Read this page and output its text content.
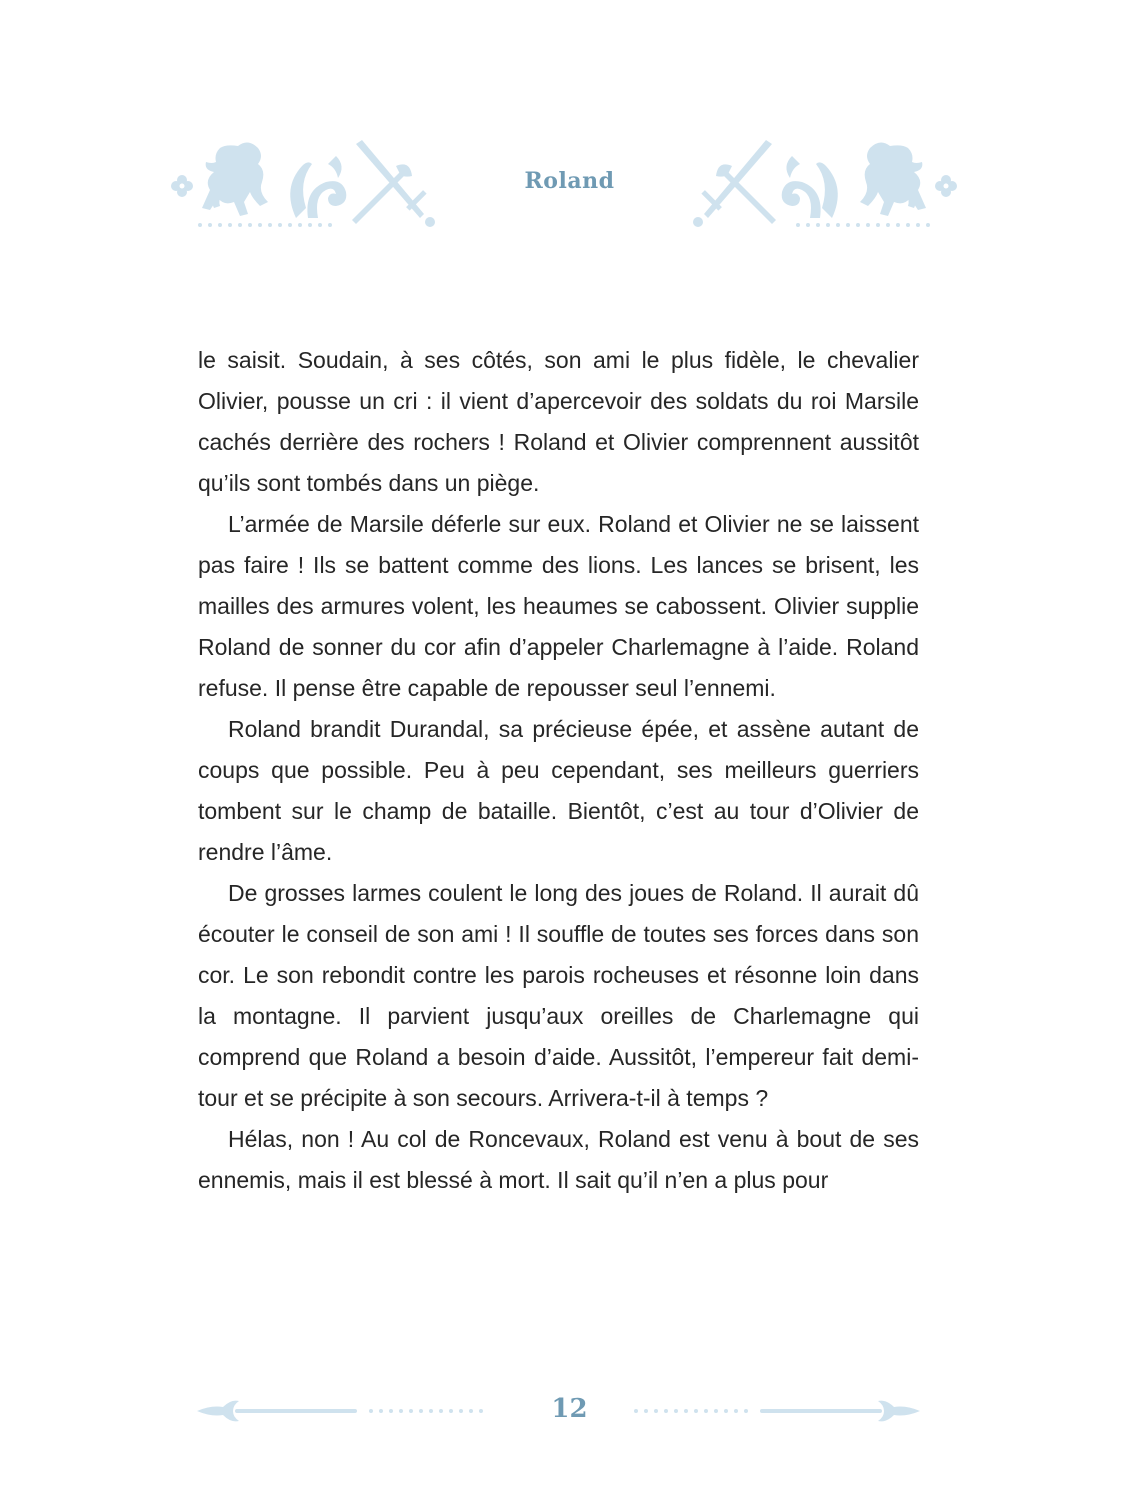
Roland

le saisit. Soudain, à ses côtés, son ami le plus fidèle, le chevalier Olivier, pousse un cri : il vient d’apercevoir des soldats du roi Marsile cachés derrière des rochers ! Roland et Olivier comprennent aussitôt qu’ils sont tombés dans un piège.

L’armée de Marsile déferle sur eux. Roland et Olivier ne se laissent pas faire ! Ils se battent comme des lions. Les lances se brisent, les mailles des armures volent, les heaumes se cabossent. Olivier supplie Roland de sonner du cor afin d’appeler Charlemagne à l’aide. Roland refuse. Il pense être capable de repousser seul l’ennemi.

Roland brandit Durandal, sa précieuse épée, et assène autant de coups que possible. Peu à peu cependant, ses meilleurs guerriers tombent sur le champ de bataille. Bientôt, c’est au tour d’Olivier de rendre l’âme.

De grosses larmes coulent le long des joues de Roland. Il aurait dû écouter le conseil de son ami ! Il souffle de toutes ses forces dans son cor. Le son rebondit contre les parois rocheuses et résonne loin dans la montagne. Il parvient jusqu’aux oreilles de Charlemagne qui comprend que Roland a besoin d’aide. Aussitôt, l’empereur fait demi-tour et se précipite à son secours. Arrivera-t-il à temps ?

Hélas, non ! Au col de Roncevaux, Roland est venu à bout de ses ennemis, mais il est blessé à mort. Il sait qu’il n’en a plus pour

12
